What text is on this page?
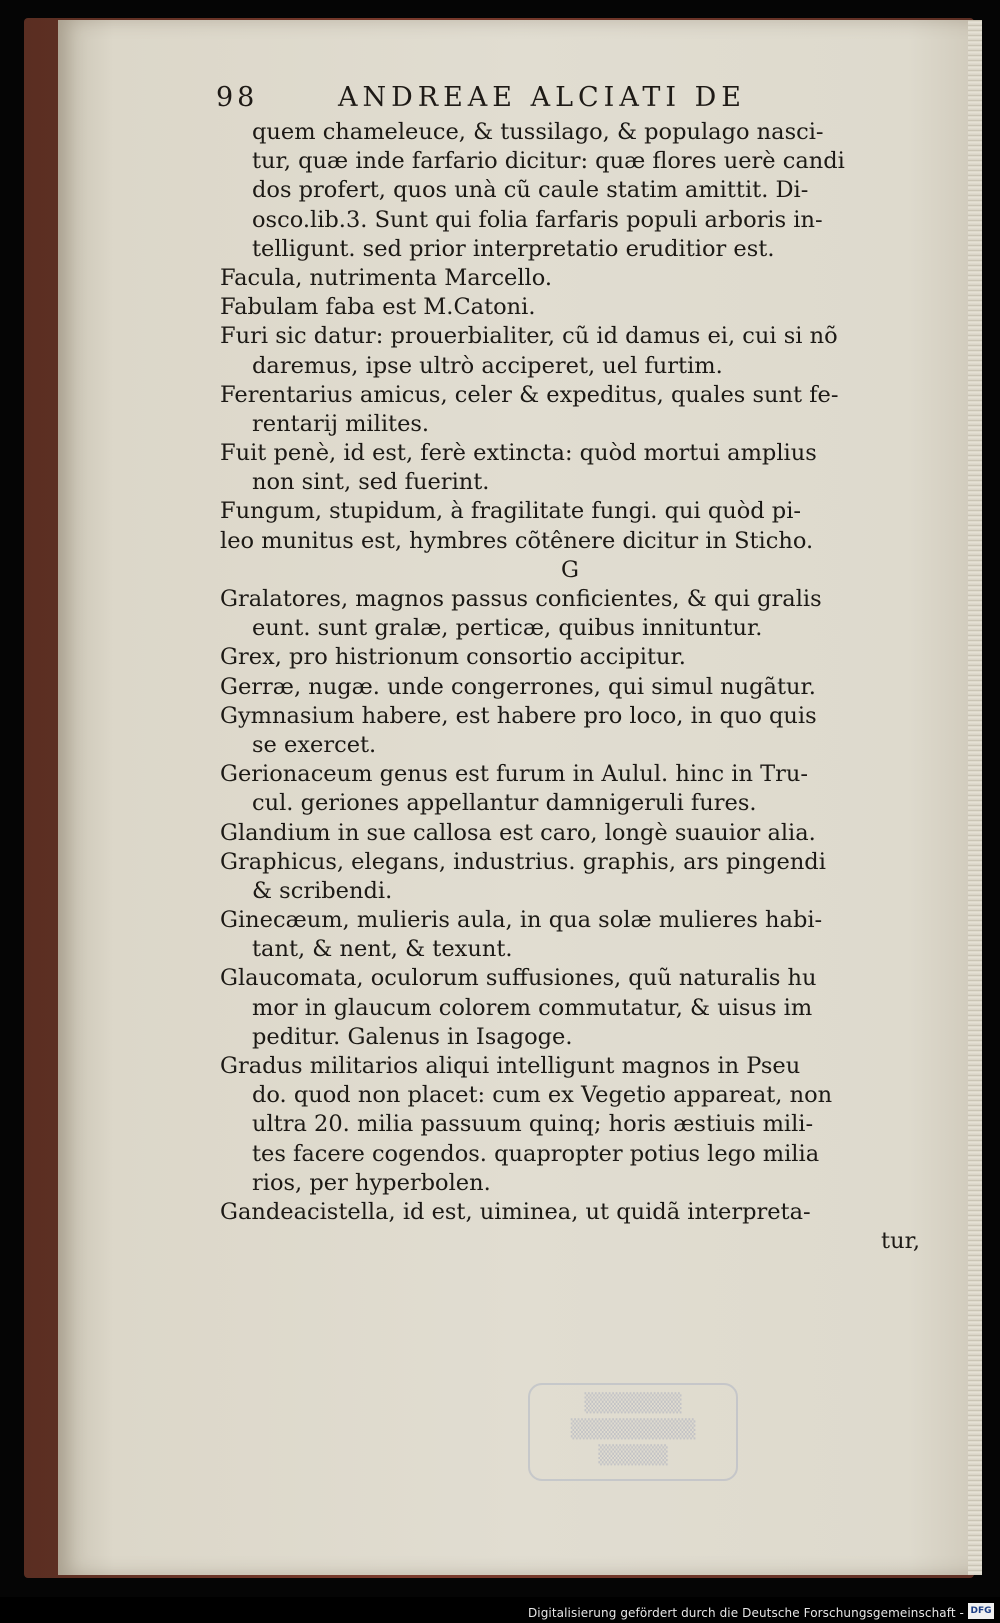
98	ANDREAE ALCIATI DE
quem chameleuce, & tussilago, & populago nasci-
tur, quæ inde farfario dicitur: quæ flores uerè candi
dos profert, quos unà cũ caule statim amittit. Di-
osco.lib.3. Sunt qui folia farfaris populi arboris in-
telligunt. sed prior interpretatio eruditior est.
Facula, nutrimenta Marcello.
Fabulam faba est M.Catoni.
Furi sic datur: prouerbialiter, cũ id damus ei, cui si nõ
daremus, ipse ultrò acciperet, uel furtim.
Ferentarius amicus, celer & expeditus, quales sunt fe-
rentarij milites.
Fuit penè, id est, ferè extincta: quòd mortui amplius
non sint, sed fuerint.
Fungum, stupidum, à fragilitate fungi. qui quòd pi-
leo munitus est, hymbres cõtênere dicitur in Sticho.
G
Gralatores, magnos passus conficientes, & qui gralis
eunt. sunt gralæ, perticæ, quibus innituntur.
Grex, pro histrionum consortio accipitur.
Gerræ, nugæ. unde congerrones, qui simul nugãtur.
Gymnasium habere, est habere pro loco, in quo quis
se exercet.
Gerionaceum genus est furum in Aulul. hinc in Tru-
cul. geriones appellantur damnigeruli fures.
Glandium in sue callosa est caro, longè suauior alia.
Graphicus, elegans, industrius. graphis, ars pingendi
& scribendi.
Ginecæum, mulieris aula, in qua solæ mulieres habi-
tant, & nent, & texunt.
Glaucomata, oculorum suffusiones, quũ naturalis hu
mor in glaucum colorem commutatur, & uisus im
peditur. Galenus in Isagoge.
Gradus militarios aliqui intelligunt magnos in Pseu
do. quod non placet: cum ex Vegetio appareat, non
ultra 20. milia passuum quinq; horis æstiuis mili-
tes facere cogendos. quapropter potius lego milia
rios, per hyperbolen.
Gandeacistella, id est, uiminea, ut quidã interpreta-
tur,
▒▒▒▒▒▒▒
▒▒▒▒▒▒▒▒▒
▒▒▒▒▒
Digitalisierung gefördert durch die Deutsche Forschungsgemeinschaft - DFG
